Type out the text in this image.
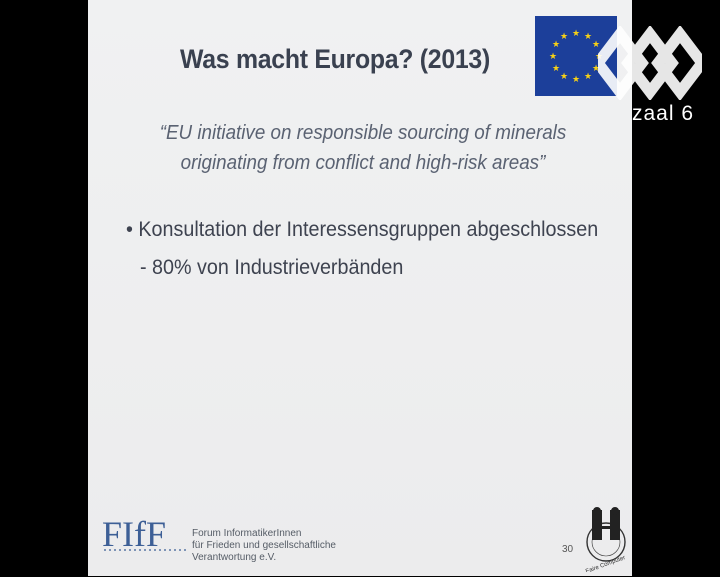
Was macht Europa? (2013)
★ ★
★
★
★
★
★
★
★
★
★
★
“EU initiative on responsible sourcing of minerals
originating from conflict and high-risk areas”
• Konsultation der Interessensgruppen abgeschlossen
- 80% von Industrieverbänden
FIfF	Forum InformatikerInnen
für Frieden und gesellschaftliche
Verantwortung e.V.
30
Faire Computer
zaal 6
